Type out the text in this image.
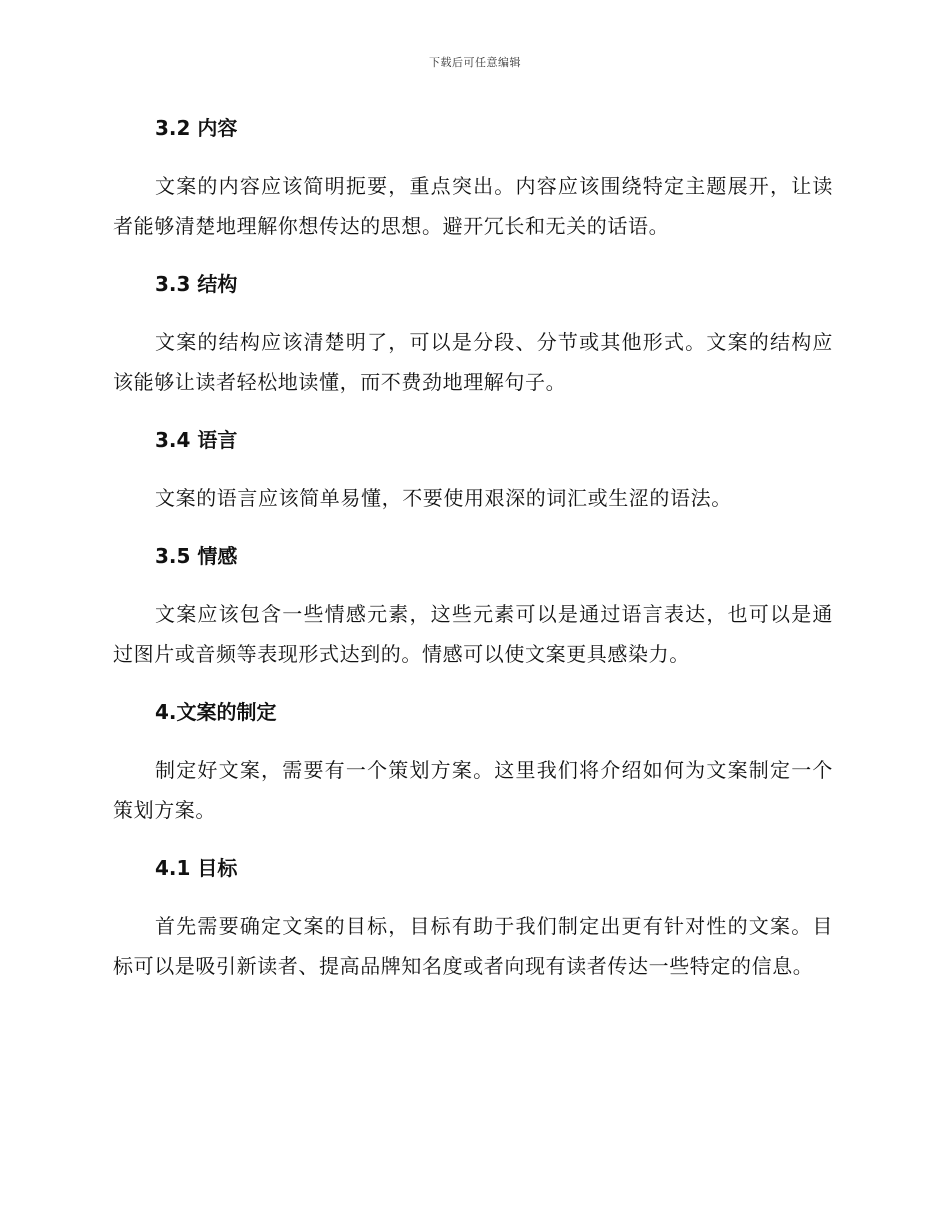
下载后可任意编辑
3.2 内容

文案的内容应该简明扼要，重点突出。内容应该围绕特定主题展开，让读者能够清楚地理解你想传达的思想。避开冗长和无关的话语。

3.3 结构

文案的结构应该清楚明了，可以是分段、分节或其他形式。文案的结构应该能够让读者轻松地读懂，而不费劲地理解句子。

3.4 语言

文案的语言应该简单易懂，不要使用艰深的词汇或生涩的语法。

3.5 情感

文案应该包含一些情感元素，这些元素可以是通过语言表达，也可以是通过图片或音频等表现形式达到的。情感可以使文案更具感染力。

4.文案的制定

制定好文案，需要有一个策划方案。这里我们将介绍如何为文案制定一个策划方案。

4.1 目标

首先需要确定文案的目标，目标有助于我们制定出更有针对性的文案。目标可以是吸引新读者、提高品牌知名度或者向现有读者传达一些特定的信息。
